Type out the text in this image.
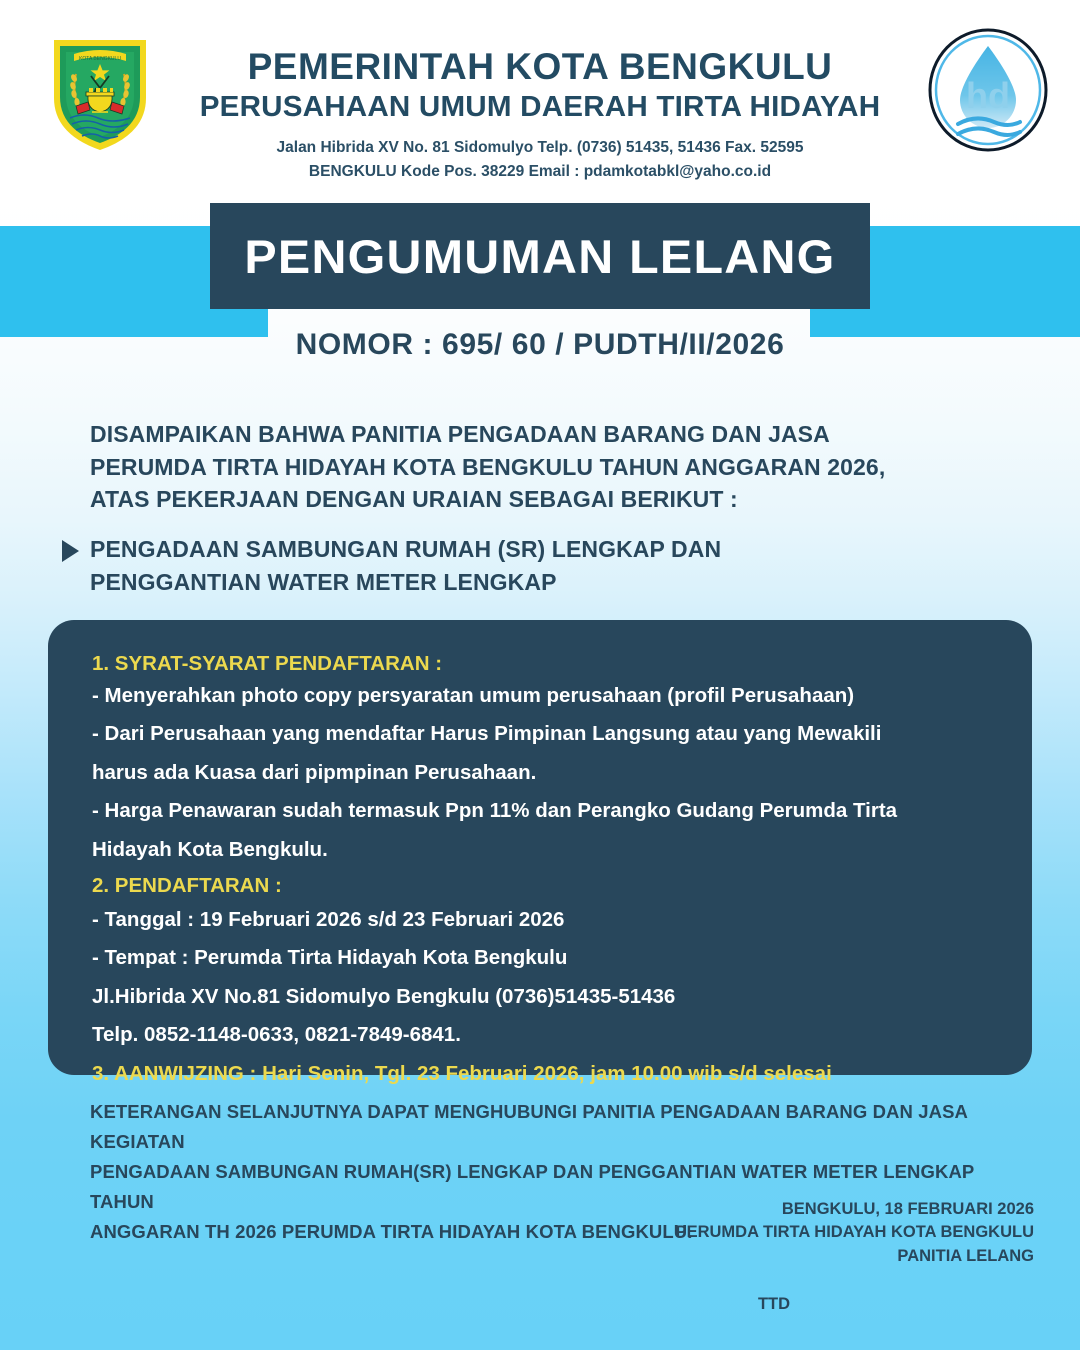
KOTA BENGKULU
hd
PEMERINTAH KOTA BENGKULU
PERUSAHAAN UMUM DAERAH TIRTA HIDAYAH
Jalan Hibrida XV No. 81 Sidomulyo Telp. (0736) 51435, 51436 Fax. 52595
BENGKULU Kode Pos. 38229 Email : pdamkotabkl@yaho.co.id
PENGUMUMAN LELANG
NOMOR : 695/ 60 / PUDTH/II/2026

DISAMPAIKAN BAHWA PANITIA PENGADAAN BARANG DAN JASA

PERUMDA TIRTA HIDAYAH KOTA BENGKULU TAHUN ANGGARAN 2026,

ATAS PEKERJAAN DENGAN URAIAN SEBAGAI BERIKUT :

PENGADAAN SAMBUNGAN RUMAH (SR) LENGKAP DAN

PENGGANTIAN WATER METER LENGKAP

1. SYRAT-SYARAT PENDAFTARAN :
- Menyerahkan photo copy persyaratan umum perusahaan (profil Perusahaan)
- Dari Perusahaan yang mendaftar Harus Pimpinan Langsung atau yang Mewakili
harus ada Kuasa dari pipmpinan Perusahaan.
- Harga Penawaran sudah termasuk Ppn 11% dan Perangko Gudang Perumda Tirta
Hidayah Kota Bengkulu.
2. PENDAFTARAN :
- Tanggal : 19 Februari 2026 s/d 23 Februari 2026
- Tempat : Perumda Tirta Hidayah Kota Bengkulu
Jl.Hibrida XV No.81 Sidomulyo Bengkulu (0736)51435-51436
Telp. 0852-1148-0633, 0821-7849-6841.
3. AANWIJZING : Hari Senin, Tgl. 23 Februari 2026, jam 10.00 wib s/d selesai

KETERANGAN SELANJUTNYA DAPAT MENGHUBUNGI PANITIA PENGADAAN BARANG DAN JASA KEGIATAN

PENGADAAN SAMBUNGAN RUMAH(SR) LENGKAP DAN PENGGANTIAN WATER METER LENGKAP TAHUN

ANGGARAN TH 2026 PERUMDA TIRTA HIDAYAH KOTA BENGKULU.

BENGKULU, 18 FEBRUARI 2026
PERUMDA TIRTA HIDAYAH KOTA BENGKULU
PANITIA LELANG
TTD
